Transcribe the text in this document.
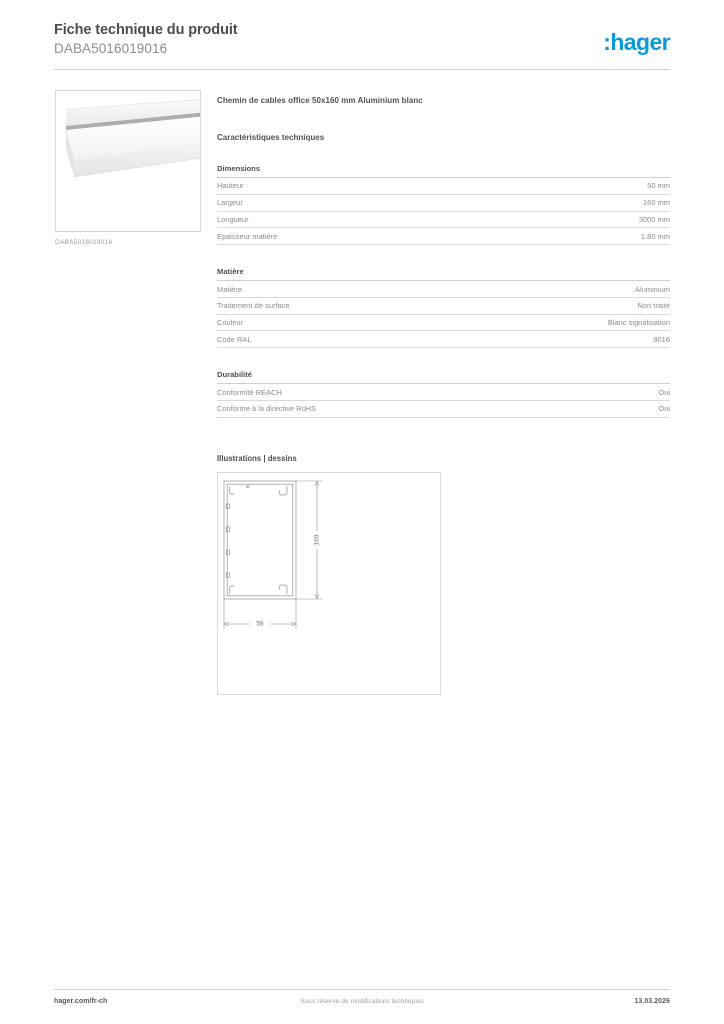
Fiche technique du produit
DABA5016019016	:hager
DABA5016019016
Chemin de cables office 50x160 mm Aluminium blanc
Caractéristiques techniques
Dimensions
Hauteur	50 mm
Largeur	160 mm
Longueur	3000 mm
Epaisseur matière	1.80 mm
Matière
Matière	Aluminium
Traitement de surface	Non traité
Couleur	Blanc signalisation
Code RAL	9016
Durabilité
Conformité REACH	Oui
Conforme à la directive RoHS	Oui
Illustrations | dessins
160
58
hager.com/fr-ch	Sous réserve de modifications techniques	13.03.2026
